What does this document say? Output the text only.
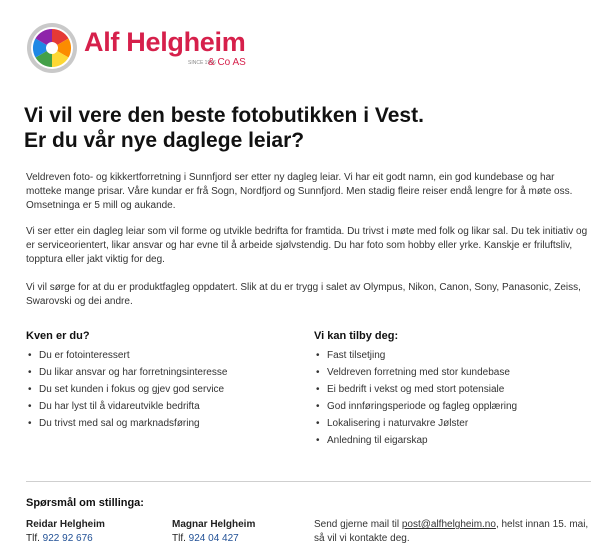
Alf Helgheim
SINCE 1946
& Co AS
Vi vil vere den beste fotobutikken i Vest.
Er du vår nye daglege leiar?

Veldreven foto- og kikkertforretning i Sunnfjord ser etter ny dagleg leiar. Vi har eit godt namn, ein god kundebase og har motteke mange prisar. Våre kundar er frå Sogn, Nordfjord og Sunnfjord. Men stadig fleire reiser endå lengre for å møte oss. Omsetninga er 5 mill og aukande.

Vi ser etter ein dagleg leiar som vil forme og utvikle bedrifta for framtida. Du trivst i møte med folk og likar sal. Du tek initiativ og er serviceorientert, likar ansvar og har evne til å arbeide sjølvstendig. Du har foto som hobby eller yrke. Kanskje er friluftsliv, topptura eller jakt viktig for deg.

Vi vil sørge for at du er produktfagleg oppdatert. Slik at du er trygg i salet av Olympus, Nikon, Canon, Sony, Panasonic, Zeiss, Swarovski og dei andre.

Kven er du?
• Du er fotointeressert
• Du likar ansvar og har forretningsinteresse
• Du set kunden i fokus og gjev god service
• Du har lyst til å vidareutvikle bedrifta
• Du trivst med sal og marknadsføring
Vi kan tilby deg:
• Fast tilsetjing
• Veldreven forretning med stor kundebase
• Ei bedrift i vekst og med stort potensiale
• God innføringsperiode og fagleg opplæring
• Lokalisering i naturvakre Jølster
• Anledning til eigarskap
Spørsmål om stillinga:
Reidar Helgheim
Tlf. 922 92 676
Magnar Helgheim
Tlf. 924 04 427

Send gjerne mail til post@alfhelgheim.no, helst innan 15. mai, så vil vi kontakte deg.
